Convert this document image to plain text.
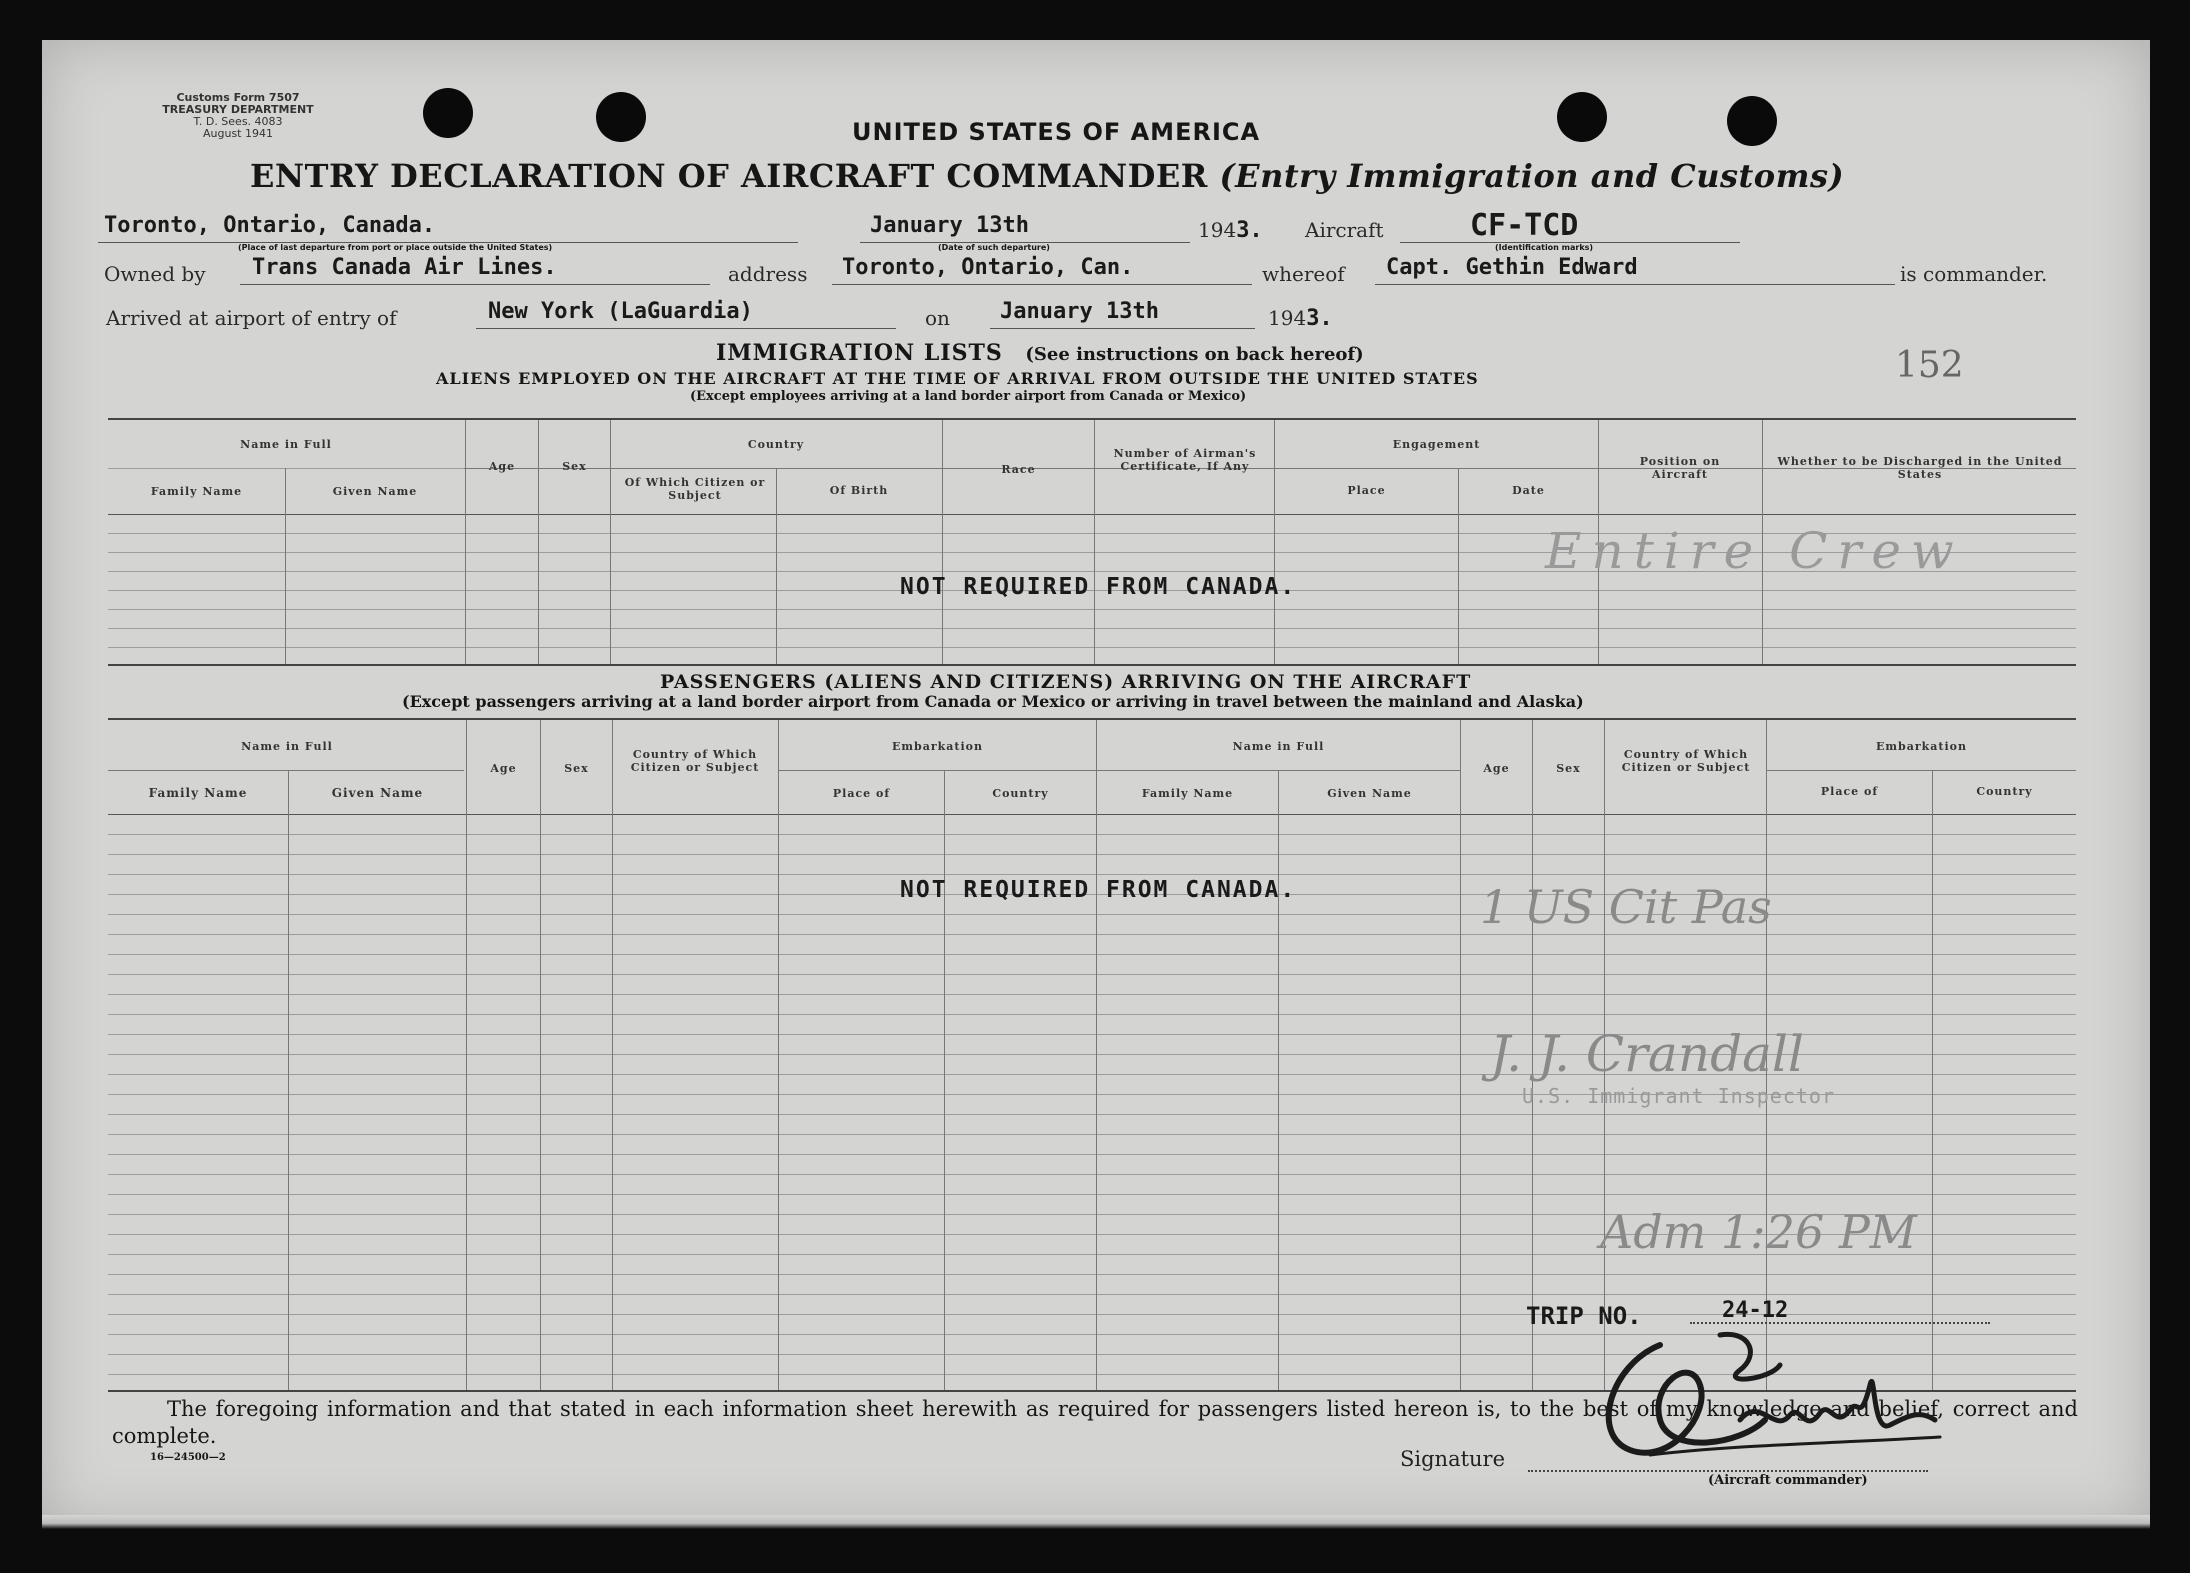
Customs Form 7507
TREASURY DEPARTMENT
T. D. Sees. 4083
August 1941	UNITED STATES OF AMERICA
ENTRY DECLARATION OF AIRCRAFT COMMANDER (Entry Immigration and Customs)
Toronto, Ontario, Canada.
(Place of last departure from port or place outside the United States)
January 13th
(Date of such departure)
1943. Aircraft	CF-TCD
(Identification marks)
Owned by Trans Canada Air Lines.	address Toronto, Ontario, Can.	whereof Capt. Gethin Edward	is commander.
Arrived at airport of entry of	New York (LaGuardia)	on January 13th	1943.
IMMIGRATION LISTS (See instructions on back hereof)
ALIENS EMPLOYED ON THE AIRCRAFT AT THE TIME OF ARRIVAL FROM OUTSIDE THE UNITED STATES
(Except employees arriving at a land border airport from Canada or Mexico)
152
Name in Full
Family Name	Given Name
Age	Sex
Country
Of Which Citizen or Subject	Of Birth
Race
Number of Airman's Certificate, If Any
Engagement
Place	Date
Position on Aircraft
Whether to be Discharged in the United States
NOT REQUIRED FROM CANADA.
Entire Crew
PASSENGERS (ALIENS AND CITIZENS) ARRIVING ON THE AIRCRAFT
(Except passengers arriving at a land border airport from Canada or Mexico or arriving in travel between the mainland and Alaska)
Name in Full
Family Name	Given Name
Age	Sex
Country of Which Citizen or Subject
Embarkation
Place of	Country
Name in Full
Family Name	Given Name
Age	Sex
Country of Which Citizen or Subject
Embarkation
Place of	Country
NOT REQUIRED FROM CANADA.	1 US Cit Pas
J. J. Crandall
U.S. Immigrant Inspector
Adm 1:26 PM
TRIP NO.	24-12
The foregoing information and that stated in each information sheet herewith as required for passengers listed hereon is, to the best of my knowledge and belief, correct and complete.
16—24500—2	Signature
(Aircraft commander)
